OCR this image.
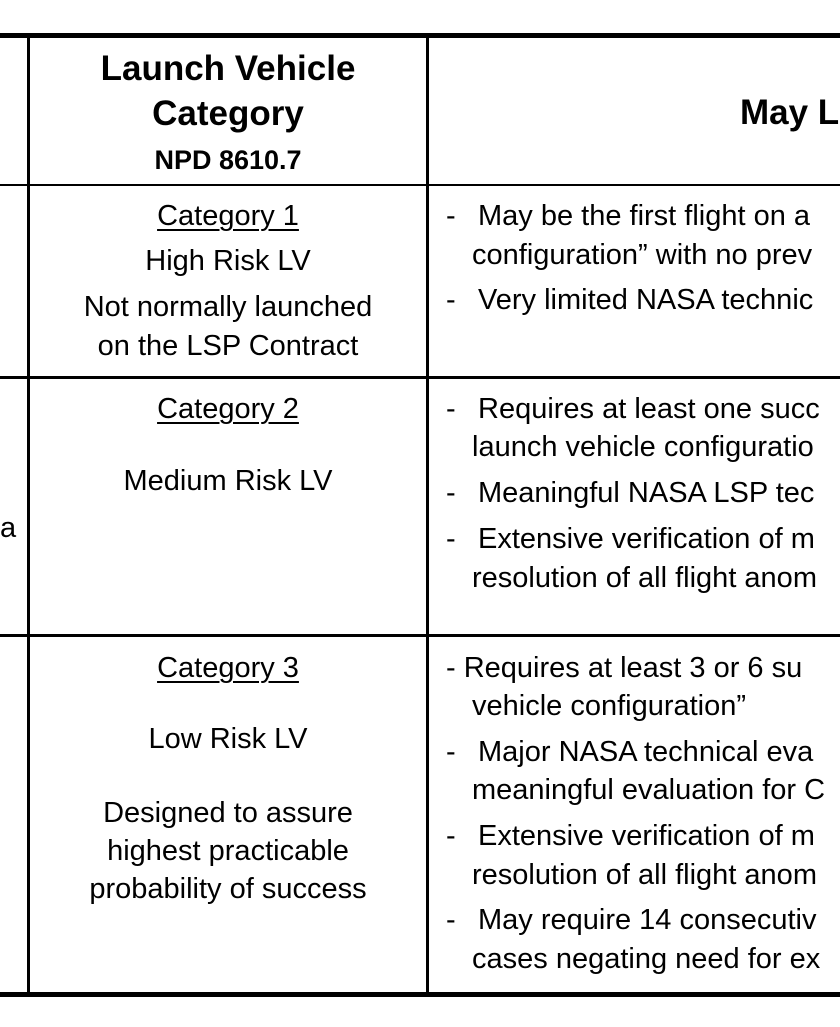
Launch Vehicle
Category
NPD 8610.7
May L
a
Category 1
High Risk LV
Not normally launched
on the LSP Contract
- May be the first flight on a
configuration” with no prev
- Very limited NASA technic
Category 2
Medium Risk LV
- Requires at least one succ
launch vehicle configuratio
- Meaningful NASA LSP tec
- Extensive verification of m
resolution of all flight anom
Category 3
Low Risk LV
Designed to assure
highest practicable
probability of success
- Requires at least 3 or 6 su
vehicle configuration”
- Major NASA technical eva
meaningful evaluation for C
- Extensive verification of m
resolution of all flight anom
- May require 14 consecutiv
cases negating need for ex
